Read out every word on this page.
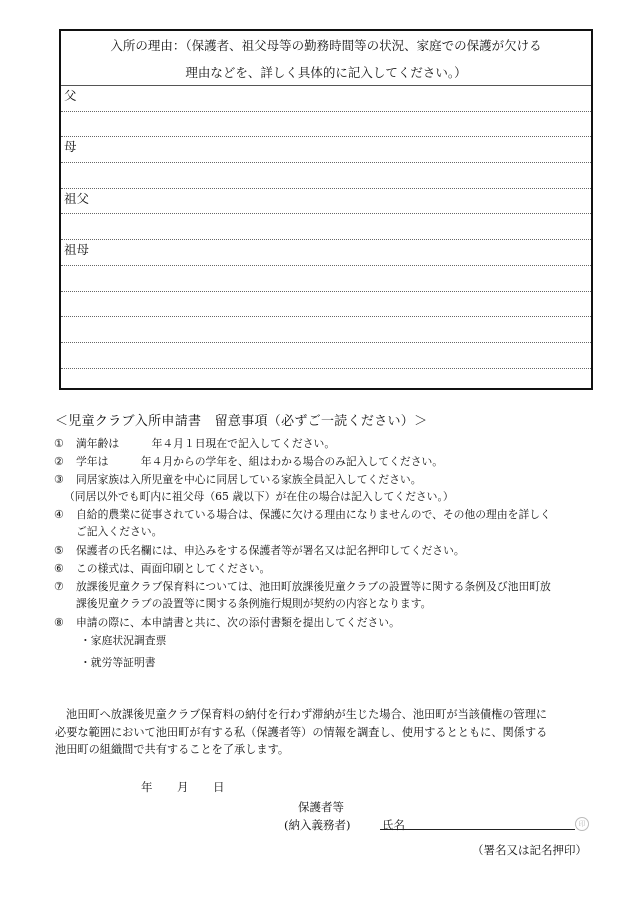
入所の理由：（保護者、祖父母等の勤務時間等の状況、家庭での保護が欠ける
理由などを、詳しく具体的に記入してください。）
父
母
祖父
祖母
＜児童クラブ入所申請書　留意事項（必ずご一読ください）＞
① 満年齢は　　　年４月１日現在で記入してください。
② 学年は　　　年４月からの学年を、組はわかる場合のみ記入してください。
③ 同居家族は入所児童を中心に同居している家族全員記入してください。
（同居以外でも町内に祖父母（65 歳以下）が在住の場合は記入してください。）
④ 自給的農業に従事されている場合は、保護に欠ける理由になりませんので、その他の理由を詳しく
ご記入ください。
⑤ 保護者の氏名欄には、申込みをする保護者等が署名又は記名押印してください。
⑥ この様式は、両面印刷としてください。
⑦ 放課後児童クラブ保育料については、池田町放課後児童クラブの設置等に関する条例及び池田町放
課後児童クラブの設置等に関する条例施行規則が契約の内容となります。
⑧ 申請の際に、本申請書と共に、次の添付書類を提出してください。
・家庭状況調査票
・就労等証明書

池田町へ放課後児童クラブ保育料の納付を行わず滞納が生じた場合、池田町が当該債権の管理に

必要な範囲において池田町が有する私（保護者等）の情報を調査し、使用するとともに、関係する

池田町の組織間で共有することを了承します。

年 月 日
保護者等
(納入義務者)	氏名	印
（署名又は記名押印）
